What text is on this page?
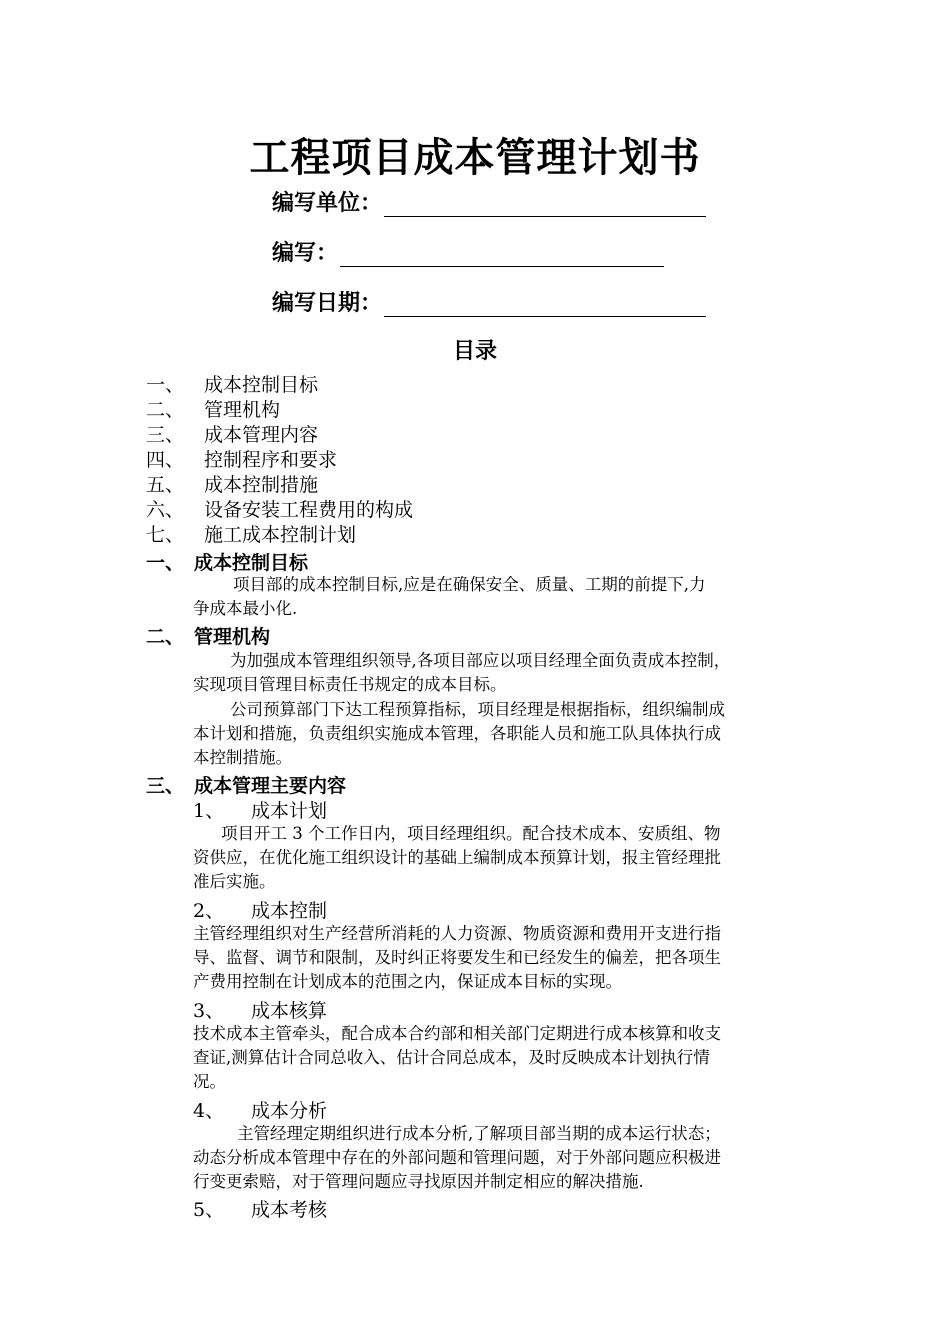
工程项目成本管理计划书
编写单位：
编写：
编写日期：
目录
一、 成本控制目标
二、 管理机构
三、 成本管理内容
四、 控制程序和要求
五、 成本控制措施
六、 设备安装工程费用的构成
七、 施工成本控制计划
一、 成本控制目标
项目部的成本控制目标,应是在确保安全、质量、工期的前提下,力
争成本最小化.
二、 管理机构
为加强成本管理组织领导,各项目部应以项目经理全面负责成本控制，
实现项目管理目标责任书规定的成本目标。
公司预算部门下达工程预算指标，项目经理是根据指标，组织编制成
本计划和措施，负责组织实施成本管理，各职能人员和施工队具体执行成
本控制措施。
三、 成本管理主要内容
1、 成本计划
项目开工 3 个工作日内，项目经理组织。配合技术成本、安质组、物
资供应，在优化施工组织设计的基础上编制成本预算计划，报主管经理批
准后实施。
2、 成本控制
主管经理组织对生产经营所消耗的人力资源、物质资源和费用开支进行指
导、监督、调节和限制，及时纠正将要发生和已经发生的偏差，把各项生
产费用控制在计划成本的范围之内，保证成本目标的实现。
3、 成本核算
技术成本主管牵头，配合成本合约部和相关部门定期进行成本核算和收支
查证,测算估计合同总收入、估计合同总成本，及时反映成本计划执行情
况。
4、 成本分析
主管经理定期组织进行成本分析,了解项目部当期的成本运行状态；
动态分析成本管理中存在的外部问题和管理问题，对于外部问题应积极进
行变更索赔，对于管理问题应寻找原因并制定相应的解决措施.
5、 成本考核
